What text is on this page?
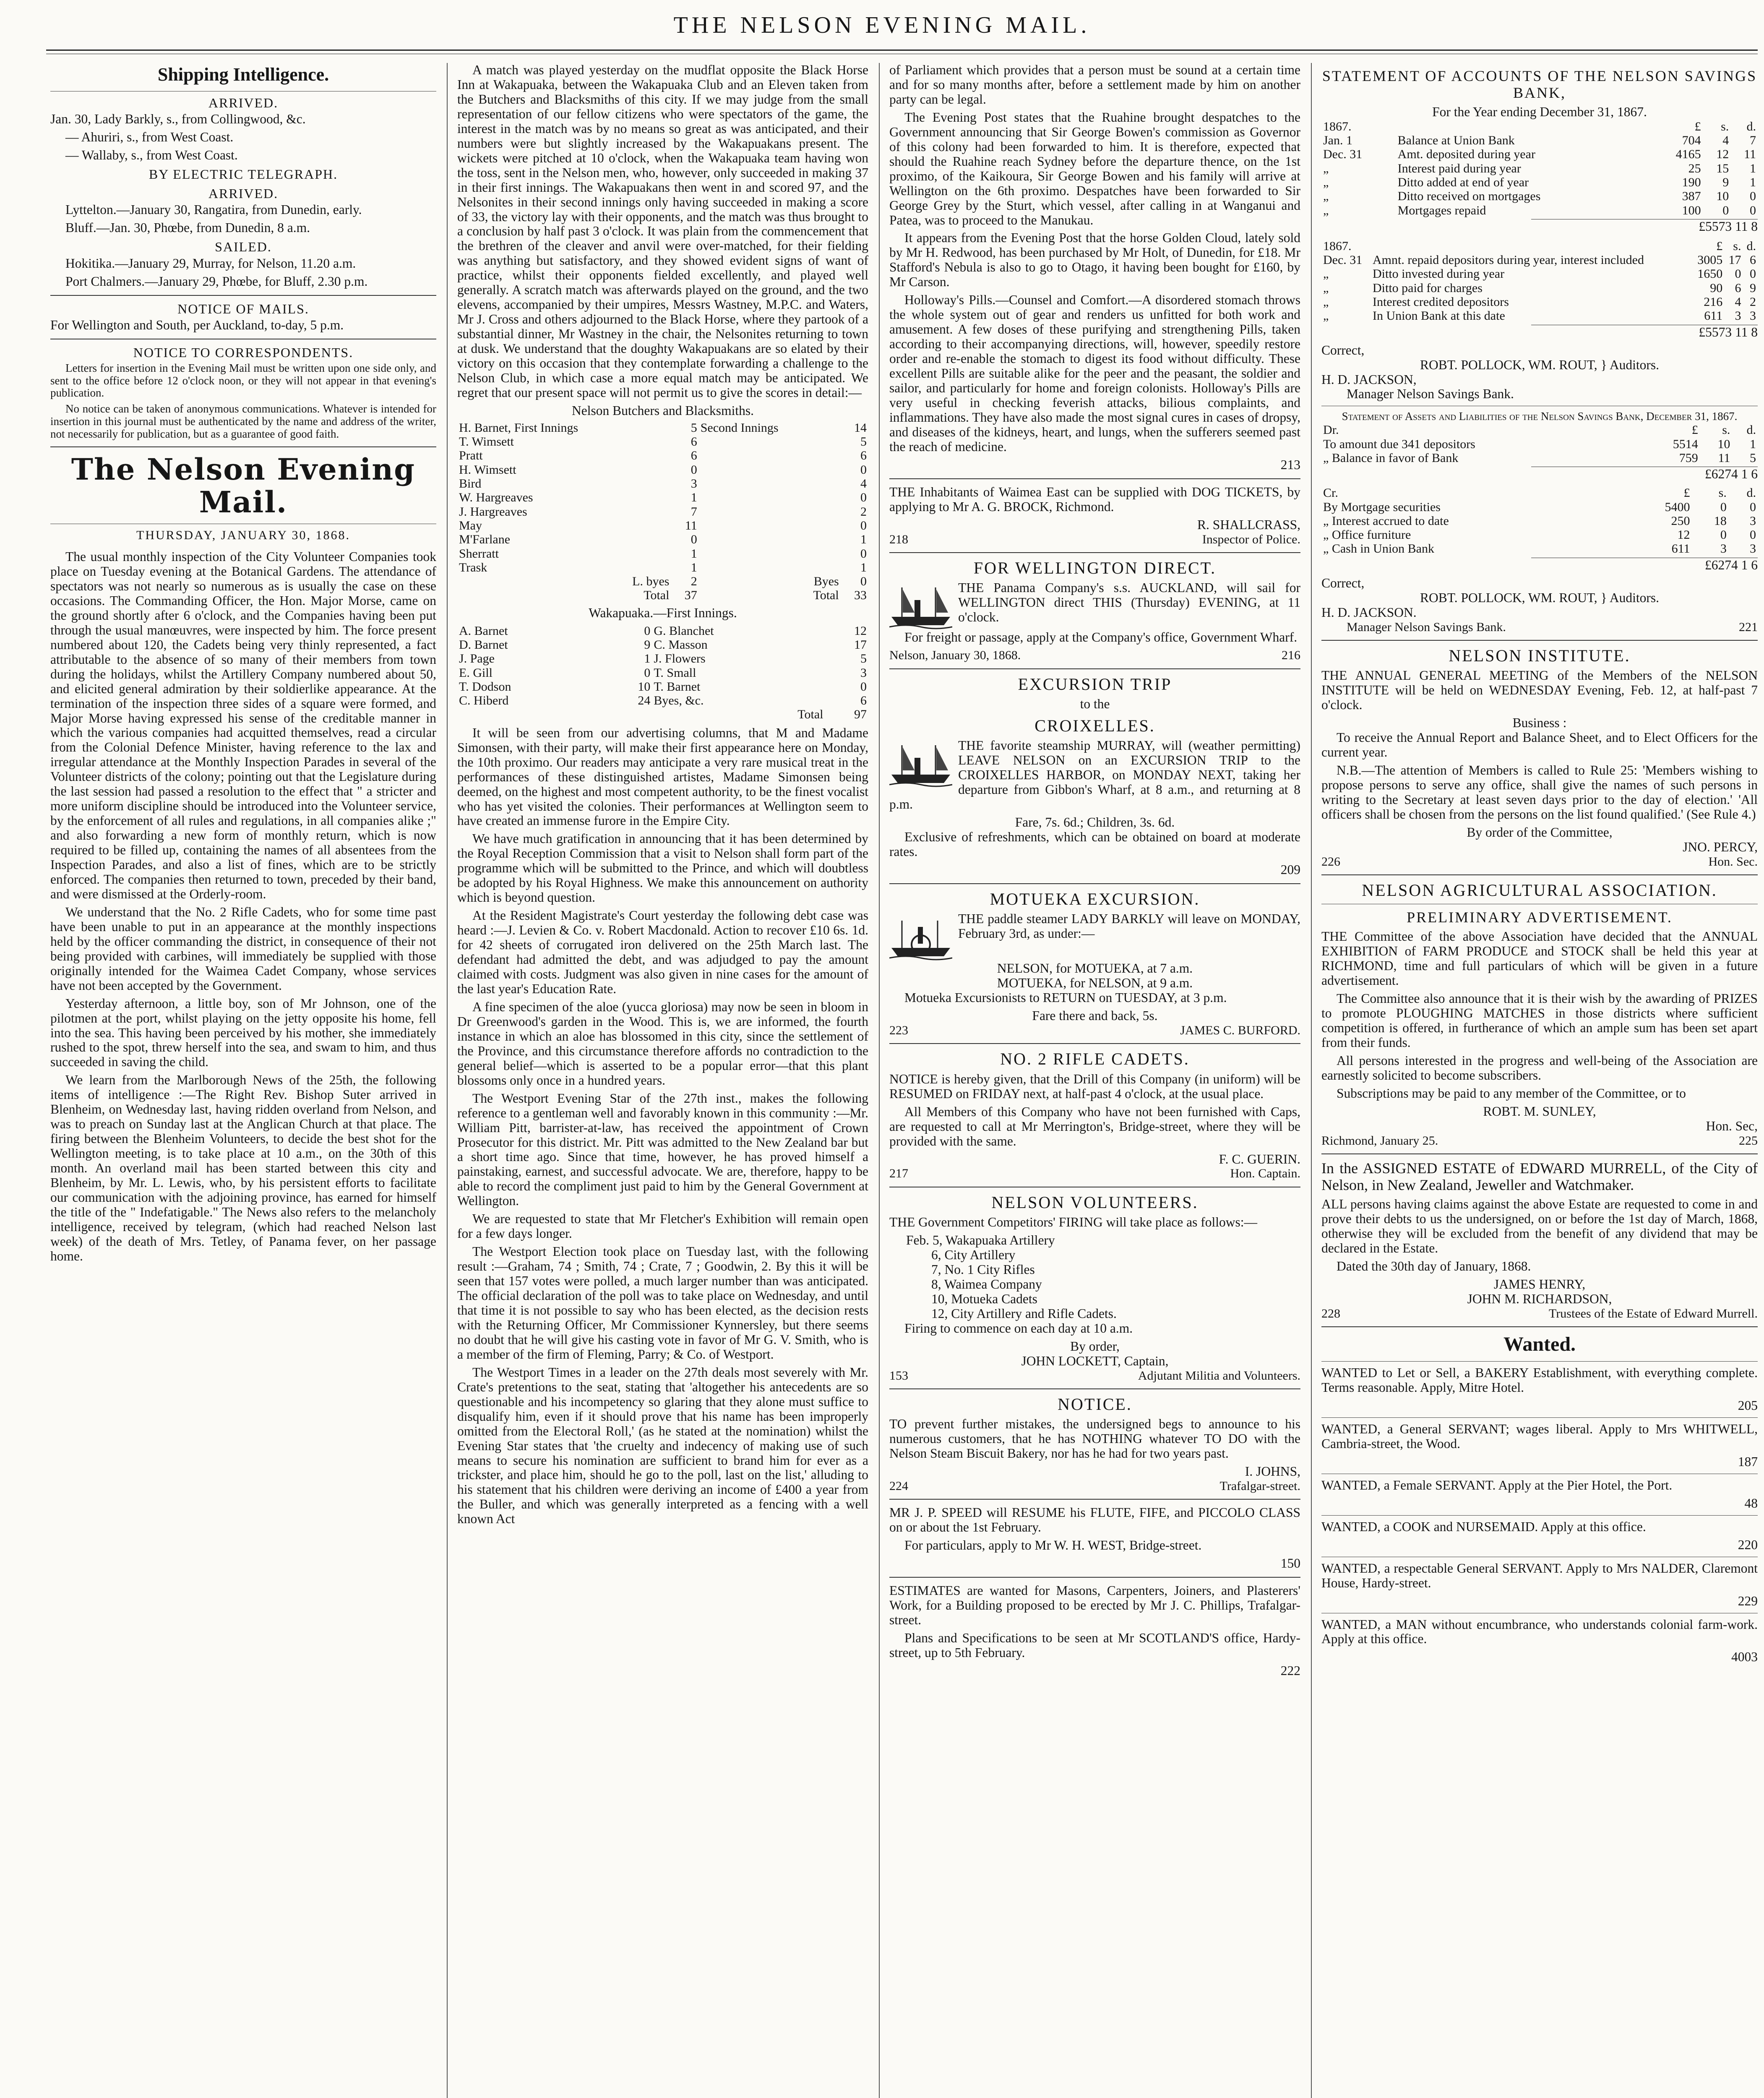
THE NELSON EVENING MAIL.
Shipping Intelligence.
ARRIVED.

Jan. 30, Lady Barkly, s., from Collingwood, &c.

— Ahuriri, s., from West Coast.

— Wallaby, s., from West Coast.

BY ELECTRIC TELEGRAPH.
ARRIVED.

Lyttelton.—January 30, Rangatira, from Dunedin, early.

Bluff.—Jan. 30, Phœbe, from Dunedin, 8 a.m.

SAILED.

Hokitika.—January 29, Murray, for Nelson, 11.20 a.m.

Port Chalmers.—January 29, Phœbe, for Bluff, 2.30 p.m.

NOTICE OF MAILS.

For Wellington and South, per Auckland, to-day, 5 p.m.

NOTICE TO CORRESPONDENTS.

Letters for insertion in the Evening Mail must be written upon one side only, and sent to the office before 12 o'clock noon, or they will not appear in that evening's publication.

No notice can be taken of anonymous communications. Whatever is intended for insertion in this journal must be authenticated by the name and address of the writer, not necessarily for publication, but as a guarantee of good faith.

The Nelson Evening Mail.
THURSDAY, JANUARY 30, 1868.

The usual monthly inspection of the City Volunteer Companies took place on Tuesday evening at the Botanical Gardens. The attendance of spectators was not nearly so numerous as is usually the case on these occasions. The Commanding Officer, the Hon. Major Morse, came on the ground shortly after 6 o'clock, and the Companies having been put through the usual manœuvres, were inspected by him. The force present numbered about 120, the Cadets being very thinly represented, a fact attributable to the absence of so many of their members from town during the holidays, whilst the Artillery Company numbered about 50, and elicited general admiration by their soldierlike appearance. At the termination of the inspection three sides of a square were formed, and Major Morse having expressed his sense of the creditable manner in which the various companies had acquitted themselves, read a circular from the Colonial Defence Minister, having reference to the lax and irregular attendance at the Monthly Inspection Parades in several of the Volunteer districts of the colony; pointing out that the Legislature during the last session had passed a resolution to the effect that " a stricter and more uniform discipline should be introduced into the Volunteer service, by the enforcement of all rules and regulations, in all companies alike ;" and also forwarding a new form of monthly return, which is now required to be filled up, containing the names of all absentees from the Inspection Parades, and also a list of fines, which are to be strictly enforced. The companies then returned to town, preceded by their band, and were dismissed at the Orderly-room.

We understand that the No. 2 Rifle Cadets, who for some time past have been unable to put in an appearance at the monthly inspections held by the officer commanding the district, in consequence of their not being provided with carbines, will immediately be supplied with those originally intended for the Waimea Cadet Company, whose services have not been accepted by the Government.

Yesterday afternoon, a little boy, son of Mr Johnson, one of the pilotmen at the port, whilst playing on the jetty opposite his home, fell into the sea. This having been perceived by his mother, she immediately rushed to the spot, threw herself into the sea, and swam to him, and thus succeeded in saving the child.

We learn from the Marlborough News of the 25th, the following items of intelligence :—The Right Rev. Bishop Suter arrived in Blenheim, on Wednesday last, having ridden overland from Nelson, and was to preach on Sunday last at the Anglican Church at that place. The firing between the Blenheim Volunteers, to decide the best shot for the Wellington meeting, is to take place at 10 a.m., on the 30th of this month. An overland mail has been started between this city and Blenheim, by Mr. L. Lewis, who, by his persistent efforts to facilitate our communication with the adjoining province, has earned for himself the title of the " Indefatigable." The News also refers to the melancholy intelligence, received by telegram, (which had reached Nelson last week) of the death of Mrs. Tetley, of Panama fever, on her passage home.

A match was played yesterday on the mudflat opposite the Black Horse Inn at Wakapuaka, between the Wakapuaka Club and an Eleven taken from the Butchers and Blacksmiths of this city. If we may judge from the small representation of our fellow citizens who were spectators of the game, the interest in the match was by no means so great as was anticipated, and their numbers were but slightly increased by the Wakapuakans present. The wickets were pitched at 10 o'clock, when the Wakapuaka team having won the toss, sent in the Nelson men, who, however, only succeeded in making 37 in their first innings. The Wakapuakans then went in and scored 97, and the Nelsonites in their second innings only having succeeded in making a score of 33, the victory lay with their opponents, and the match was thus brought to a conclusion by half past 3 o'clock. It was plain from the commencement that the brethren of the cleaver and anvil were over-matched, for their fielding was anything but satisfactory, and they showed evident signs of want of practice, whilst their opponents fielded excellently, and played well generally. A scratch match was afterwards played on the ground, and the two elevens, accompanied by their umpires, Messrs Wastney, M.P.C. and Waters, Mr J. Cross and others adjourned to the Black Horse, where they partook of a substantial dinner, Mr Wastney in the chair, the Nelsonites returning to town at dusk. We understand that the doughty Wakapuakans are so elated by their victory on this occasion that they contemplate forwarding a challenge to the Nelson Club, in which case a more equal match may be anticipated. We regret that our present space will not permit us to give the scores in detail:—

Nelson Butchers and Blacksmiths.
H. Barnet, First Innings	5	Second Innings	14
T. Wimsett	6		5
Pratt	6		6
H. Wimsett	0		0
Bird	3		4
W. Hargreaves	1		0
J. Hargreaves	7		2
May	11		0
M'Farlane	0		1
Sherratt	1		0
Trask	1		1
L. byes	2	Byes	0
Total	37	Total	33
Wakapuaka.—First Innings.
A. Barnet	0	G. Blanchet	12
D. Barnet	9	C. Masson	17
J. Page	1	J. Flowers	5
E. Gill	0	T. Small	3
T. Dodson	10	T. Barnet	0
C. Hiberd	24	Byes, &c.	6
		Total	97

It will be seen from our advertising columns, that M and Madame Simonsen, with their party, will make their first appearance here on Monday, the 10th proximo. Our readers may anticipate a very rare musical treat in the performances of these distinguished artistes, Madame Simonsen being deemed, on the highest and most competent authority, to be the finest vocalist who has yet visited the colonies. Their performances at Wellington seem to have created an immense furore in the Empire City.

We have much gratification in announcing that it has been determined by the Royal Reception Commission that a visit to Nelson shall form part of the programme which will be submitted to the Prince, and which will doubtless be adopted by his Royal Highness. We make this announcement on authority which is beyond question.

At the Resident Magistrate's Court yesterday the following debt case was heard :—J. Levien & Co. v. Robert Macdonald. Action to recover £10 6s. 1d. for 42 sheets of corrugated iron delivered on the 25th March last. The defendant had admitted the debt, and was adjudged to pay the amount claimed with costs. Judgment was also given in nine cases for the amount of the last year's Education Rate.

A fine specimen of the aloe (yucca gloriosa) may now be seen in bloom in Dr Greenwood's garden in the Wood. This is, we are informed, the fourth instance in which an aloe has blossomed in this city, since the settlement of the Province, and this circumstance therefore affords no contradiction to the general belief—which is asserted to be a popular error—that this plant blossoms only once in a hundred years.

The Westport Evening Star of the 27th inst., makes the following reference to a gentleman well and favorably known in this community :—Mr. William Pitt, barrister-at-law, has received the appointment of Crown Prosecutor for this district. Mr. Pitt was admitted to the New Zealand bar but a short time ago. Since that time, however, he has proved himself a painstaking, earnest, and successful advocate. We are, therefore, happy to be able to record the compliment just paid to him by the General Government at Wellington.

We are requested to state that Mr Fletcher's Exhibition will remain open for a few days longer.

The Westport Election took place on Tuesday last, with the following result :—Graham, 74 ; Smith, 74 ; Crate, 7 ; Goodwin, 2. By this it will be seen that 157 votes were polled, a much larger number than was anticipated. The official declaration of the poll was to take place on Wednesday, and until that time it is not possible to say who has been elected, as the decision rests with the Returning Officer, Mr Commissioner Kynnersley, but there seems no doubt that he will give his casting vote in favor of Mr G. V. Smith, who is a member of the firm of Fleming, Parry; & Co. of Westport.

The Westport Times in a leader on the 27th deals most severely with Mr. Crate's pretentions to the seat, stating that 'altogether his antecedents are so questionable and his incompetency so glaring that they alone must suffice to disqualify him, even if it should prove that his name has been improperly omitted from the Electoral Roll,' (as he stated at the nomination) whilst the Evening Star states that 'the cruelty and indecency of making use of such means to secure his nomination are sufficient to brand him for ever as a trickster, and place him, should he go to the poll, last on the list,' alluding to his statement that his children were deriving an income of £400 a year from the Buller, and which was generally interpreted as a fencing with a well known Act

of Parliament which provides that a person must be sound at a certain time and for so many months after, before a settlement made by him on another party can be legal.

The Evening Post states that the Ruahine brought despatches to the Government announcing that Sir George Bowen's commission as Governor of this colony had been forwarded to him. It is therefore, expected that should the Ruahine reach Sydney before the departure thence, on the 1st proximo, of the Kaikoura, Sir George Bowen and his family will arrive at Wellington on the 6th proximo. Despatches have been forwarded to Sir George Grey by the Sturt, which vessel, after calling in at Wanganui and Patea, was to proceed to the Manukau.

It appears from the Evening Post that the horse Golden Cloud, lately sold by Mr H. Redwood, has been purchased by Mr Holt, of Dunedin, for £18. Mr Stafford's Nebula is also to go to Otago, it having been bought for £160, by Mr Carson.

Holloway's Pills.—Counsel and Comfort.—A disordered stomach throws the whole system out of gear and renders us unfitted for both work and amusement. A few doses of these purifying and strengthening Pills, taken according to their accompanying directions, will, however, speedily restore order and re-enable the stomach to digest its food without difficulty. These excellent Pills are suitable alike for the peer and the peasant, the soldier and sailor, and particularly for home and foreign colonists. Holloway's Pills are very useful in checking feverish attacks, bilious complaints, and inflammations. They have also made the most signal cures in cases of dropsy, and diseases of the kidneys, heart, and lungs, when the sufferers seemed past the reach of medicine.

213

THE Inhabitants of Waimea East can be supplied with DOG TICKETS, by applying to Mr A. G. BROCK, Richmond.

R. SHALLCRASS,
218	Inspector of Police.
FOR WELLINGTON DIRECT.

THE Panama Company's s.s. AUCKLAND, will sail for WELLINGTON direct THIS (Thursday) EVENING, at 11 o'clock.

For freight or passage, apply at the Company's office, Government Wharf.

Nelson, January 30, 1868.	216
EXCURSION TRIP
to the
CROIXELLES.

THE favorite steamship MURRAY, will (weather permitting) LEAVE NELSON on an EXCURSION TRIP to the CROIXELLES HARBOR, on MONDAY NEXT, taking her departure from Gibbon's Wharf, at 8 a.m., and returning at 8 p.m.

Fare, 7s. 6d.; Children, 3s. 6d.

Exclusive of refreshments, which can be obtained on board at moderate rates.

209
MOTUEKA EXCURSION.

THE paddle steamer LADY BARKLY will leave on MONDAY, February 3rd, as under:—

NELSON, for MOTUEKA, at 7 a.m.
MOTUEKA, for NELSON, at 9 a.m.

Motueka Excursionists to RETURN on TUESDAY, at 3 p.m.

Fare there and back, 5s.
223	JAMES C. BURFORD.
NO. 2 RIFLE CADETS.

NOTICE is hereby given, that the Drill of this Company (in uniform) will be RESUMED on FRIDAY next, at half-past 4 o'clock, at the usual place.

All Members of this Company who have not been furnished with Caps, are requested to call at Mr Merrington's, Bridge-street, where they will be provided with the same.

F. C. GUERIN.
217	Hon. Captain.
NELSON VOLUNTEERS.

THE Government Competitors' FIRING will take place as follows:—

Feb. 5, Wakapuaka Artillery
6, City Artillery
7, No. 1 City Rifles
8, Waimea Company
10, Motueka Cadets
12, City Artillery and Rifle Cadets.

Firing to commence on each day at 10 a.m.

By order,
JOHN LOCKETT, Captain,
153	Adjutant Militia and Volunteers.
NOTICE.

TO prevent further mistakes, the undersigned begs to announce to his numerous customers, that he has NOTHING whatever TO DO with the Nelson Steam Biscuit Bakery, nor has he had for two years past.

I. JOHNS,
224	Trafalgar-street.

MR J. P. SPEED will RESUME his FLUTE, FIFE, and PICCOLO CLASS on or about the 1st February.

For particulars, apply to Mr W. H. WEST, Bridge-street.

150

ESTIMATES are wanted for Masons, Carpenters, Joiners, and Plasterers' Work, for a Building proposed to be erected by Mr J. C. Phillips, Trafalgar-street.

Plans and Specifications to be seen at Mr SCOTLAND'S office, Hardy-street, up to 5th February.

222
STATEMENT OF ACCOUNTS OF THE NELSON SAVINGS BANK,
For the Year ending December 31, 1867.
1867.		£	s.	d.
Jan. 1	Balance at Union Bank	704	4	7
Dec. 31	Amt. deposited during year	4165	12	11
„	Interest paid during year	25	15	1
„	Ditto added at end of year	190	9	1
„	Ditto received on mortgages	387	10	0
„	Mortgages repaid	100	0	0
£5573 11 8
1867.		£	s.	d.
Dec. 31	Amnt. repaid depositors during year, interest included	3005	17	6
„	Ditto invested during year	1650	0	0
„	Ditto paid for charges	90	6	9
„	Interest credited depositors	216	4	2
„	In Union Bank at this date	611	3	3
£5573 11 8
Correct,
ROBT. POLLOCK, WM. ROUT, } Auditors.
H. D. JACKSON,
Manager Nelson Savings Bank.
Statement of Assets and Liabilities of the Nelson Savings Bank, December 31, 1867.
Dr.		£	s.	d.
To amount due 341 depositors		5514	10	1
„ Balance in favor of Bank		759	11	5
£6274 1 6
Cr.		£	s.	d.
By Mortgage securities		5400	0	0
„ Interest accrued to date		250	18	3
„ Office furniture		12	0	0
„ Cash in Union Bank		611	3	3
£6274 1 6
Correct,
ROBT. POLLOCK, WM. ROUT, } Auditors.
H. D. JACKSON.
Manager Nelson Savings Bank.	221
NELSON INSTITUTE.

THE ANNUAL GENERAL MEETING of the Members of the NELSON INSTITUTE will be held on WEDNESDAY Evening, Feb. 12, at half-past 7 o'clock.

Business :

To receive the Annual Report and Balance Sheet, and to Elect Officers for the current year.

N.B.—The attention of Members is called to Rule 25: 'Members wishing to propose persons to serve any office, shall give the names of such persons in writing to the Secretary at least seven days prior to the day of election.' 'All officers shall be chosen from the persons on the list found qualified.' (See Rule 4.)

By order of the Committee,
JNO. PERCY,
226	Hon. Sec.
NELSON AGRICULTURAL ASSOCIATION.
PRELIMINARY ADVERTISEMENT.

THE Committee of the above Association have decided that the ANNUAL EXHIBITION of FARM PRODUCE and STOCK shall be held this year at RICHMOND, time and full particulars of which will be given in a future advertisement.

The Committee also announce that it is their wish by the awarding of PRIZES to promote PLOUGHING MATCHES in those districts where sufficient competition is offered, in furtherance of which an ample sum has been set apart from their funds.

All persons interested in the progress and well-being of the Association are earnestly solicited to become subscribers.

Subscriptions may be paid to any member of the Committee, or to

ROBT. M. SUNLEY,
Hon. Sec,
Richmond, January 25.	225

In the ASSIGNED ESTATE of EDWARD MURRELL, of the City of Nelson, in New Zealand, Jeweller and Watchmaker.

ALL persons having claims against the above Estate are requested to come in and prove their debts to us the undersigned, on or before the 1st day of March, 1868, otherwise they will be excluded from the benefit of any dividend that may be declared in the Estate.

Dated the 30th day of January, 1868.

JAMES HENRY,
JOHN M. RICHARDSON,
228	Trustees of the Estate of Edward Murrell.
Wanted.

WANTED to Let or Sell, a BAKERY Establishment, with everything complete. Terms reasonable. Apply, Mitre Hotel.

205

WANTED, a General SERVANT; wages liberal. Apply to Mrs WHITWELL, Cambria-street, the Wood.

187

WANTED, a Female SERVANT. Apply at the Pier Hotel, the Port.

48

WANTED, a COOK and NURSEMAID. Apply at this office.

220

WANTED, a respectable General SERVANT. Apply to Mrs NALDER, Claremont House, Hardy-street.

229

WANTED, a MAN without encumbrance, who understands colonial farm-work. Apply at this office.

4003
